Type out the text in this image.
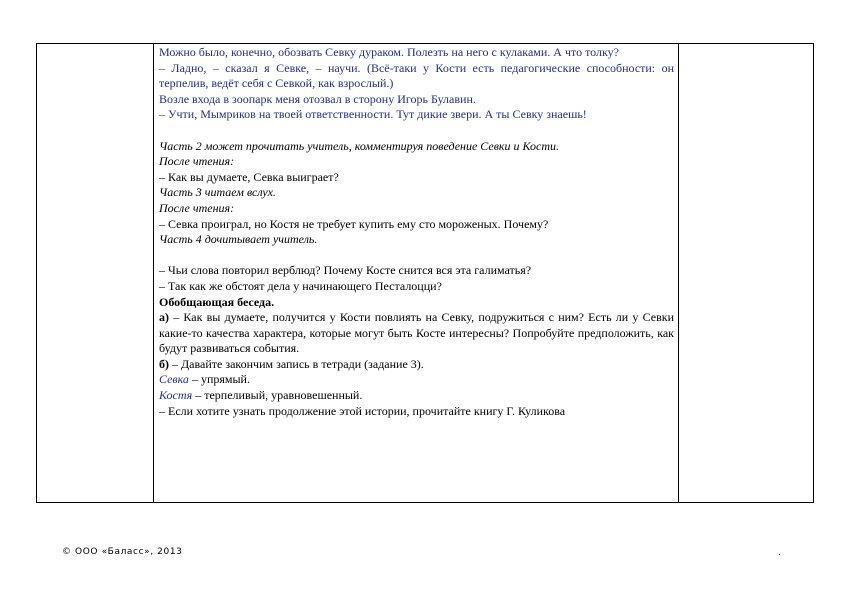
Можно было, конечно, обозвать Севку дураком. Полезть на него с кулаками. А что толку?

– Ладно, – сказал я Севке, – научи. (Всё-таки у Кости есть педагогические способности: он терпелив, ведёт себя с Севкой, как взрослый.)

Возле входа в зоопарк меня отозвал в сторону Игорь Булавин.

– Учти, Мымриков на твоей ответственности. Тут дикие звери. А ты Севку знаешь!

Часть 2 может прочитать учитель, комментируя поведение Севки и Кости.

После чтения:

– Как вы думаете, Севка выиграет?

Часть 3 читаем вслух.

После чтения:

– Севка проиграл, но Костя не требует купить ему сто мороженых. Почему?

Часть 4 дочитывает учитель.

– Чьи слова повторил верблюд? Почему Косте снится вся эта галиматья?

– Так как же обстоят дела у начинающего Песталоцци?

Обобщающая беседа.

а) – Как вы думаете, получится у Кости повлиять на Севку, подружиться с ним? Есть ли у Севки какие-то качества характера, которые могут быть Косте интересны? Попробуйте предположить, как будут развиваться события.

б) – Давайте закончим запись в тетради (задание 3).

Севка – упрямый.

Костя – терпеливый, уравновешенный.

– Если хотите узнать продолжение этой истории, прочитайте книгу Г. Куликова

© ООО «Баласс», 2013	.
